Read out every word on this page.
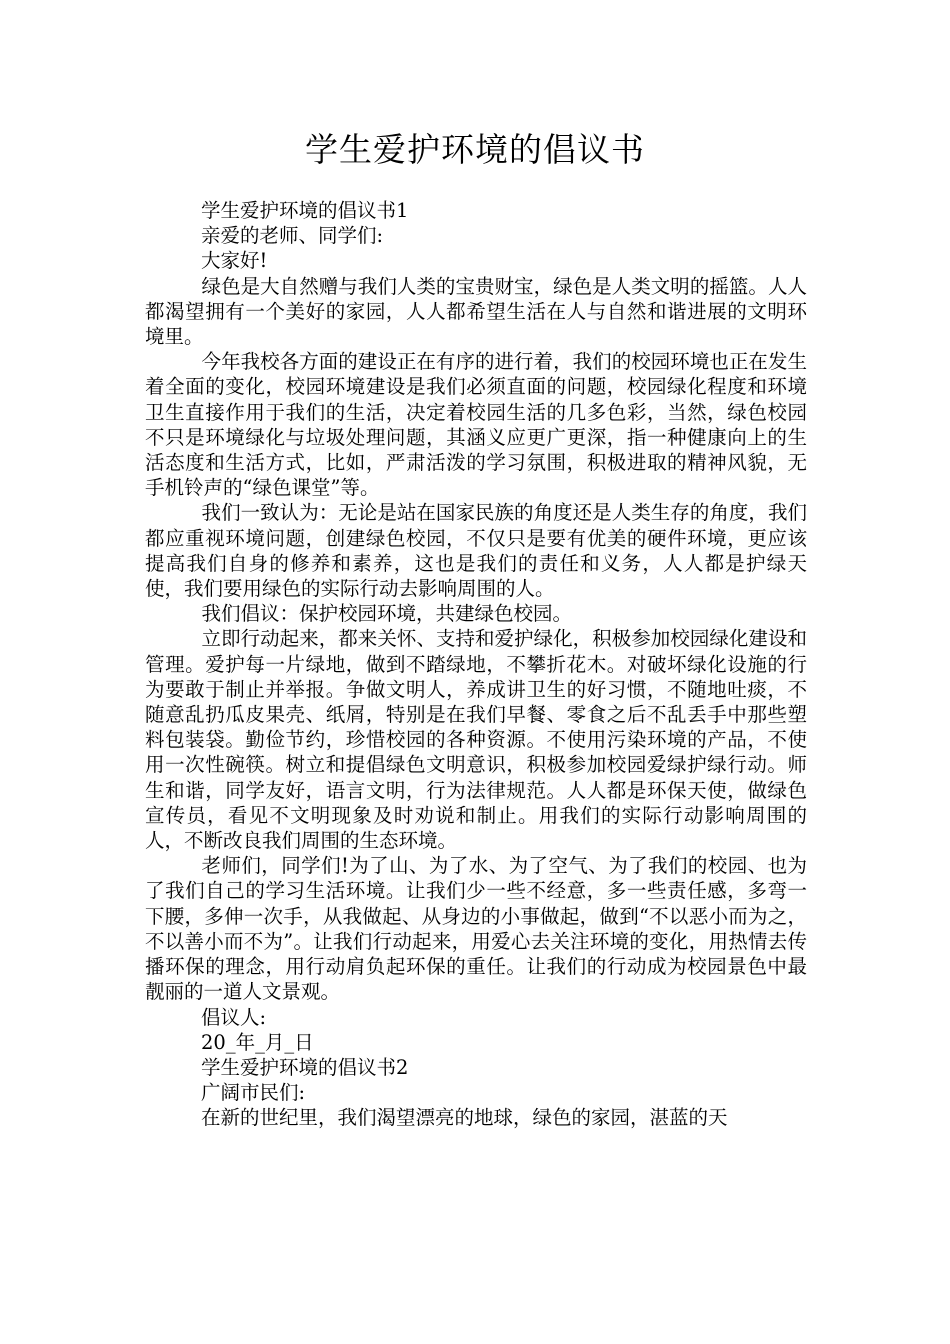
学生爱护环境的倡议书

学生爱护环境的倡议书1

亲爱的老师、同学们:

大家好!

绿色是大自然赠与我们人类的宝贵财宝，绿色是人类文明的摇篮。人人都渴望拥有一个美好的家园，人人都希望生活在人与自然和谐进展的文明环境里。

今年我校各方面的建设正在有序的进行着，我们的校园环境也正在发生着全面的变化，校园环境建设是我们必须直面的问题，校园绿化程度和环境卫生直接作用于我们的生活，决定着校园生活的几多色彩，当然，绿色校园不只是环境绿化与垃圾处理问题，其涵义应更广更深，指一种健康向上的生活态度和生活方式，比如，严肃活泼的学习氛围，积极进取的精神风貌，无手机铃声的“绿色课堂”等。

我们一致认为：无论是站在国家民族的角度还是人类生存的角度，我们都应重视环境问题，创建绿色校园，不仅只是要有优美的硬件环境，更应该提高我们自身的修养和素养，这也是我们的责任和义务，人人都是护绿天使，我们要用绿色的实际行动去影响周围的人。

我们倡议：保护校园环境，共建绿色校园。

立即行动起来，都来关怀、支持和爱护绿化，积极参加校园绿化建设和管理。爱护每一片绿地，做到不踏绿地，不攀折花木。对破坏绿化设施的行为要敢于制止并举报。争做文明人，养成讲卫生的好习惯，不随地吐痰，不随意乱扔瓜皮果壳、纸屑，特别是在我们早餐、零食之后不乱丢手中那些塑料包装袋。勤俭节约，珍惜校园的各种资源。不使用污染环境的产品，不使用一次性碗筷。树立和提倡绿色文明意识，积极参加校园爱绿护绿行动。师生和谐，同学友好，语言文明，行为法律规范。人人都是环保天使，做绿色宣传员，看见不文明现象及时劝说和制止。用我们的实际行动影响周围的人，不断改良我们周围的生态环境。

老师们，同学们!为了山、为了水、为了空气、为了我们的校园、也为了我们自己的学习生活环境。让我们少一些不经意，多一些责任感，多弯一下腰，多伸一次手，从我做起、从身边的小事做起，做到“不以恶小而为之，不以善小而不为”。让我们行动起来，用爱心去关注环境的变化，用热情去传播环保的理念，用行动肩负起环保的重任。让我们的行动成为校园景色中最靓丽的一道人文景观。

倡议人:

20_年_月_日

学生爱护环境的倡议书2

广阔市民们:

在新的世纪里，我们渴望漂亮的地球，绿色的家园，湛蓝的天
